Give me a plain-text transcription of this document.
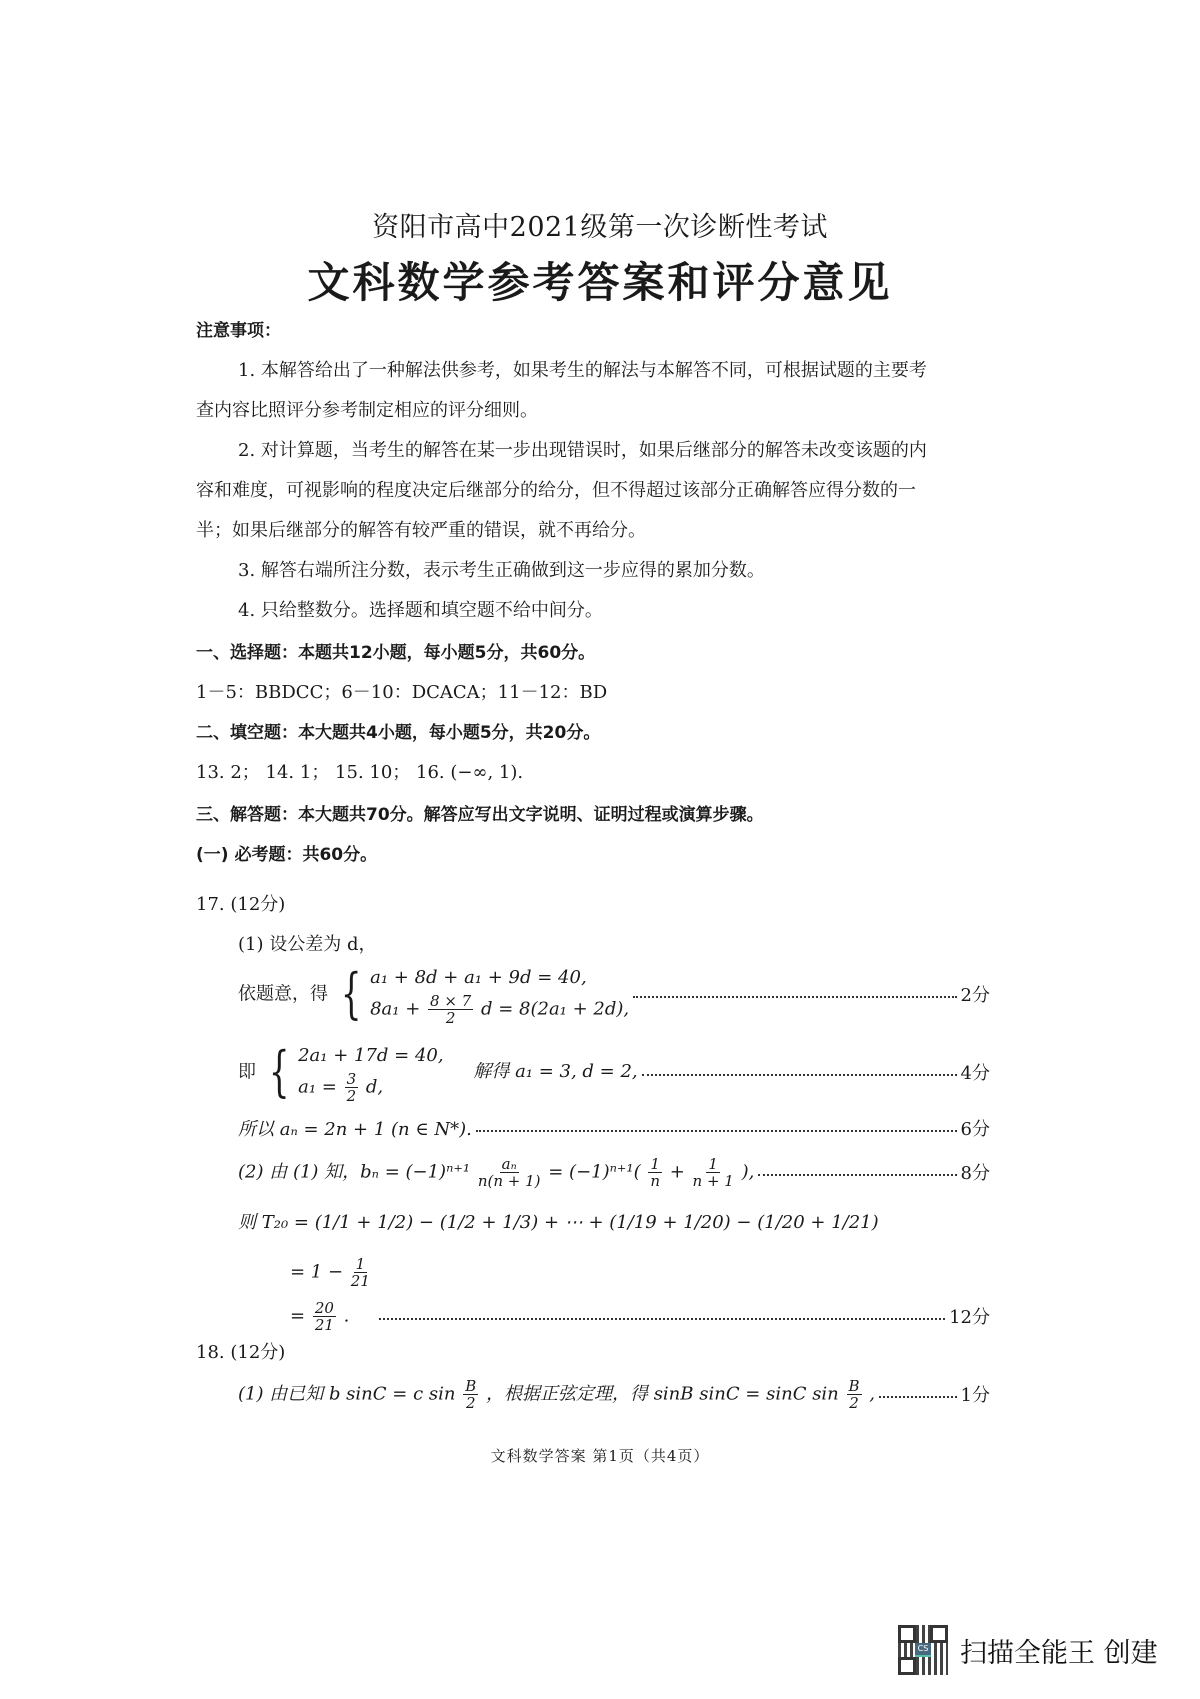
资阳市高中2021级第一次诊断性考试
文科数学参考答案和评分意见
注意事项：
1. 本解答给出了一种解法供参考，如果考生的解法与本解答不同，可根据试题的主要考
查内容比照评分参考制定相应的评分细则。
2. 对计算题，当考生的解答在某一步出现错误时，如果后继部分的解答未改变该题的内
容和难度，可视影响的程度决定后继部分的给分，但不得超过该部分正确解答应得分数的一
半；如果后继部分的解答有较严重的错误，就不再给分。
3. 解答右端所注分数，表示考生正确做到这一步应得的累加分数。
4. 只给整数分。选择题和填空题不给中间分。
一、选择题：本题共12小题，每小题5分，共60分。
1－5：BBDCC；6－10：DCACA；11－12：BD
二、填空题：本大题共4小题，每小题5分，共20分。
13. 2； 14. 1； 15. 10； 16. (−∞, 1).
三、解答题：本大题共70分。解答应写出文字说明、证明过程或演算步骤。
(一) 必考题：共60分。
17. (12分)
(1) 设公差为 d，
依题意，得 { a₁ + 8d + a₁ + 9d = 40,
$8a_1 + \frac{8 \times 7}{2}$ d = 8(2a₁ + 2d),
2分
即 { 2a₁ + 17d = 40,
$a_1 = \frac{3}{2} d$,
解得 a₁ = 3, d = 2,	4分
所以 aₙ = 2n + 1 (n ∈ N*).	6分
(2) 由 (1) 知，$b_n = (-1)^{n+1} \frac{\text{aₙ}}{n(n + 1)} = (-1)^{n+1}( \frac{1}{n} + \frac{1}{n + 1}$ ),	8分
则 T₂₀ = (1/1 + 1/2) − (1/2 + 1/3) + ⋯ + (1/19 + 1/20) − (1/20 + 1/21)
= $1 - \frac{1}{21}$
= $\frac{20}{21}$ .	12分
18. (12分)
(1) 由已知 b sinC = c $\sin \frac{B}{2}$ ，根据正弦定理，得 sinB sinC = sinC $\sin \frac{B}{2}$ ,	1分
文科数学答案 第1页（共4页）
CS 扫描全能王 创建
